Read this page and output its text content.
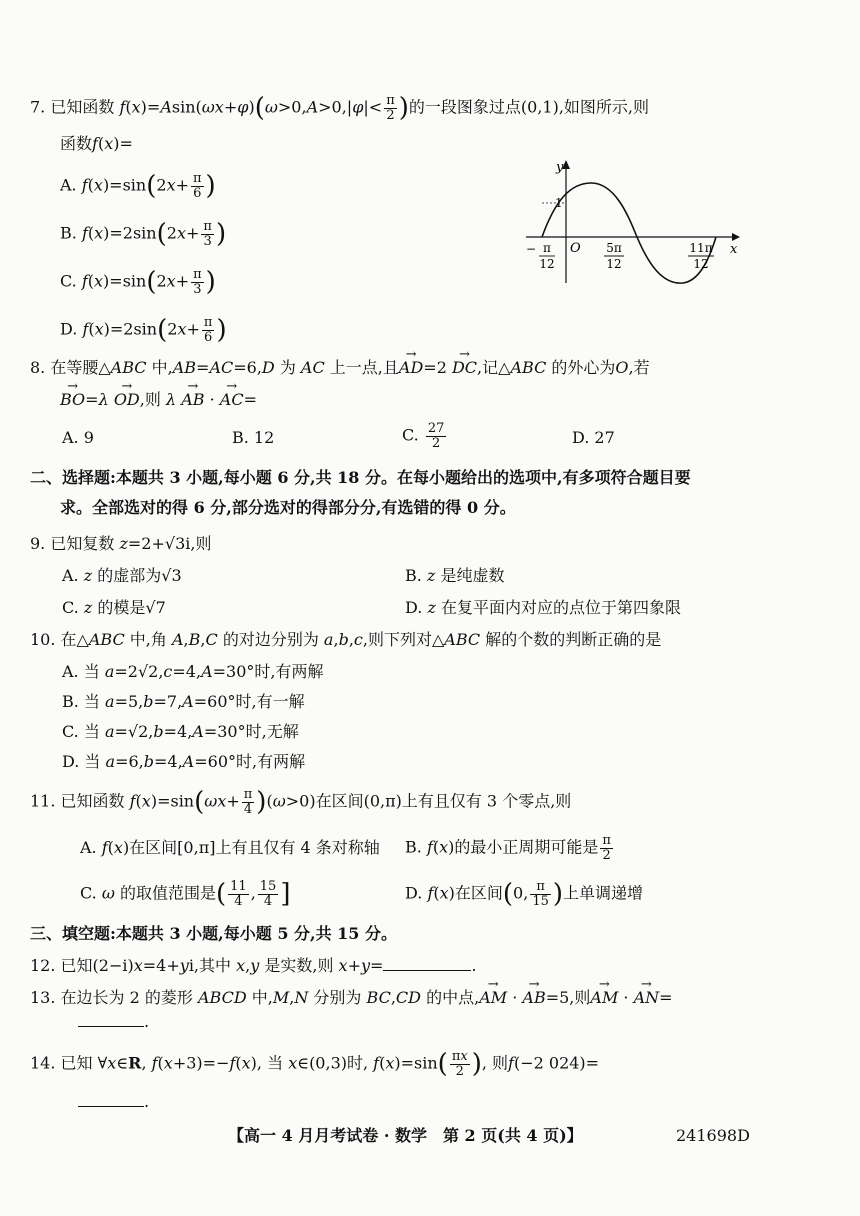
7. 已知函数 $f(x)=Asin(\omega x+\varphi)(\omega>0,A>0,|\varphi|< \frac{\pi}{2}$ )的一段图象过点(0,1),如图所示,则
函数f(x)=
A. $f(x)=\sin(2x+ \frac{\pi}{6}$ )
B. $f(x)=2\sin(2x+ \frac{\pi}{3}$ )
C. $f(x)=\sin(2x+ \frac{\pi}{3}$ )
D. $f(x)=2\sin(2x+ \frac{\pi}{6}$ )
y
x
O
1
− π
12
5π
12
11π
12
8. 在等腰△ABC 中,AB=AC=6,D 为 AC 上一点,且→ AD=2 → DC,记△ABC 的外心为O,若
→ BO=λ → OD,则 λ → AB · → AC=
A. 9	B. 12	C. $\frac{27}{2}$	D. 27
二、选择题:本题共 3 小题,每小题 6 分,共 18 分。在每小题给出的选项中,有多项符合题目要
求。全部选对的得 6 分,部分选对的得部分分,有选错的得 0 分。
9. 已知复数 z=2+√3i,则
A. z 的虚部为√3	B. z 是纯虚数
C. z 的模是√7	D. z 在复平面内对应的点位于第四象限
10. 在△ABC 中,角 A,B,C 的对边分别为 a,b,c,则下列对△ABC 解的个数的判断正确的是
A. 当 a=2√2,c=4,A=30°时,有两解
B. 当 a=5,b=7,A=60°时,有一解
C. 当 a=√2,b=4,A=30°时,无解
D. 当 a=6,b=4,A=60°时,有两解
11. 已知函数 $f(x)=\sin(\omega x+ \frac{\pi}{4} )(\omega>0)$在区间(0,π)上有且仅有 3 个零点,则
A. f(x)在区间[0,π]上有且仅有 4 条对称轴 B. f(x)的最小正周期可能是 $\frac{\pi}{2}$
C. ω 的取值范围是( $\frac{11}{4}$ , $\frac{15}{4}$ ]	D. f(x)在区间(0, $\frac{\pi}{15}$ )上单调递增
三、填空题:本题共 3 小题,每小题 5 分,共 15 分。
12. 已知(2−i)x=4+yi,其中 x,y 是实数,则 x+y=	.
13. 在边长为 2 的菱形 ABCD 中,M,N 分别为 BC,CD 的中点,→ AM · → AB=5,则→ AM · → AN=
.
14. 已知 ∀x∈R, f(x+3)=−f(x), 当 x∈(0,3)时, $f(x)=\sin( \frac{\pi x}{2}$ ), 则f(−2 024)=
.
【高一 4 月月考试卷 · 数学　第 2 页(共 4 页)】	241698D
